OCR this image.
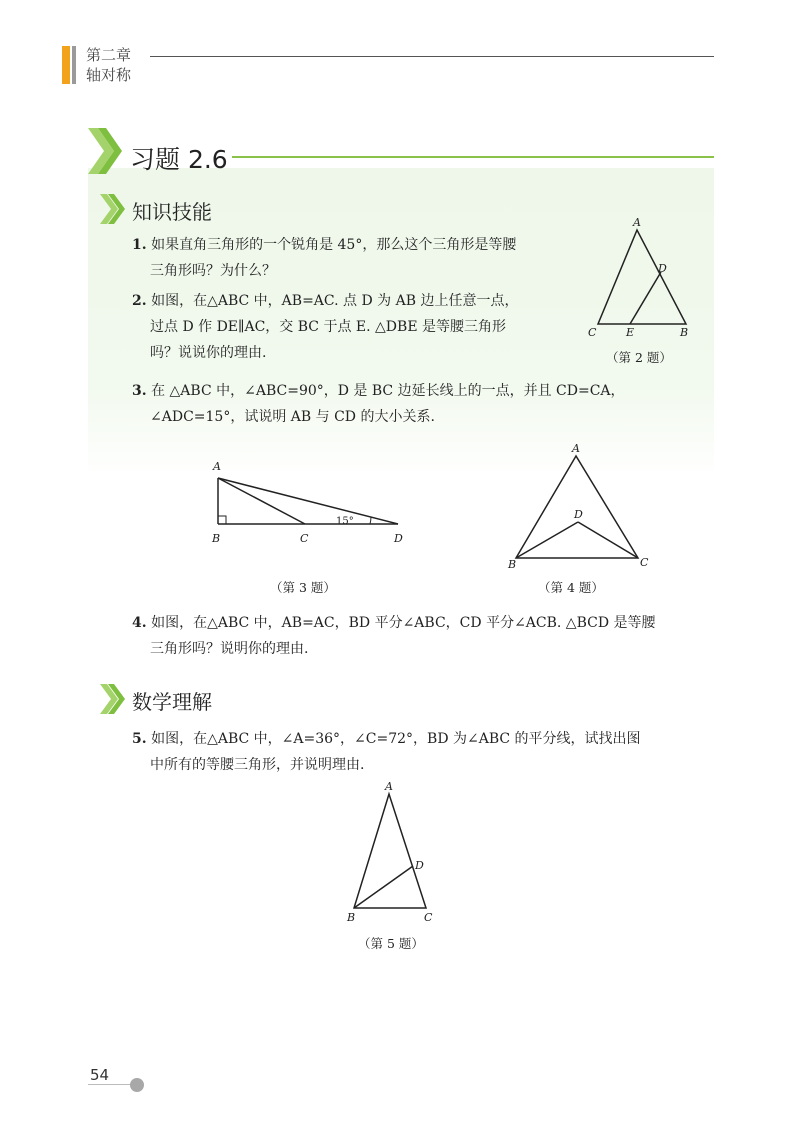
第二章
轴对称
习题 2.6
知识技能
1. 如果直角三角形的一个锐角是 45°，那么这个三角形是等腰
三角形吗？为什么？
2. 如图，在△ABC 中，AB=AC. 点 D 为 AB 边上任意一点，
过点 D 作 DE∥AC，交 BC 于点 E. △DBE 是等腰三角形
吗？说说你的理由.
A
D
C	E	B
（第 2 题）
3. 在 △ABC 中，∠ABC=90°，D 是 BC 边延长线上的一点，并且 CD=CA，
∠ADC=15°，试说明 AB 与 CD 的大小关系.
A
B	C	D
15°
（第 3 题）
A
D
B	C
（第 4 题）
4. 如图，在△ABC 中，AB=AC，BD 平分∠ABC，CD 平分∠ACB. △BCD 是等腰
三角形吗？说明你的理由.
数学理解
5. 如图，在△ABC 中，∠A=36°，∠C=72°，BD 为∠ABC 的平分线，试找出图
中所有的等腰三角形，并说明理由.
A
D
B	C
（第 5 题）
54
